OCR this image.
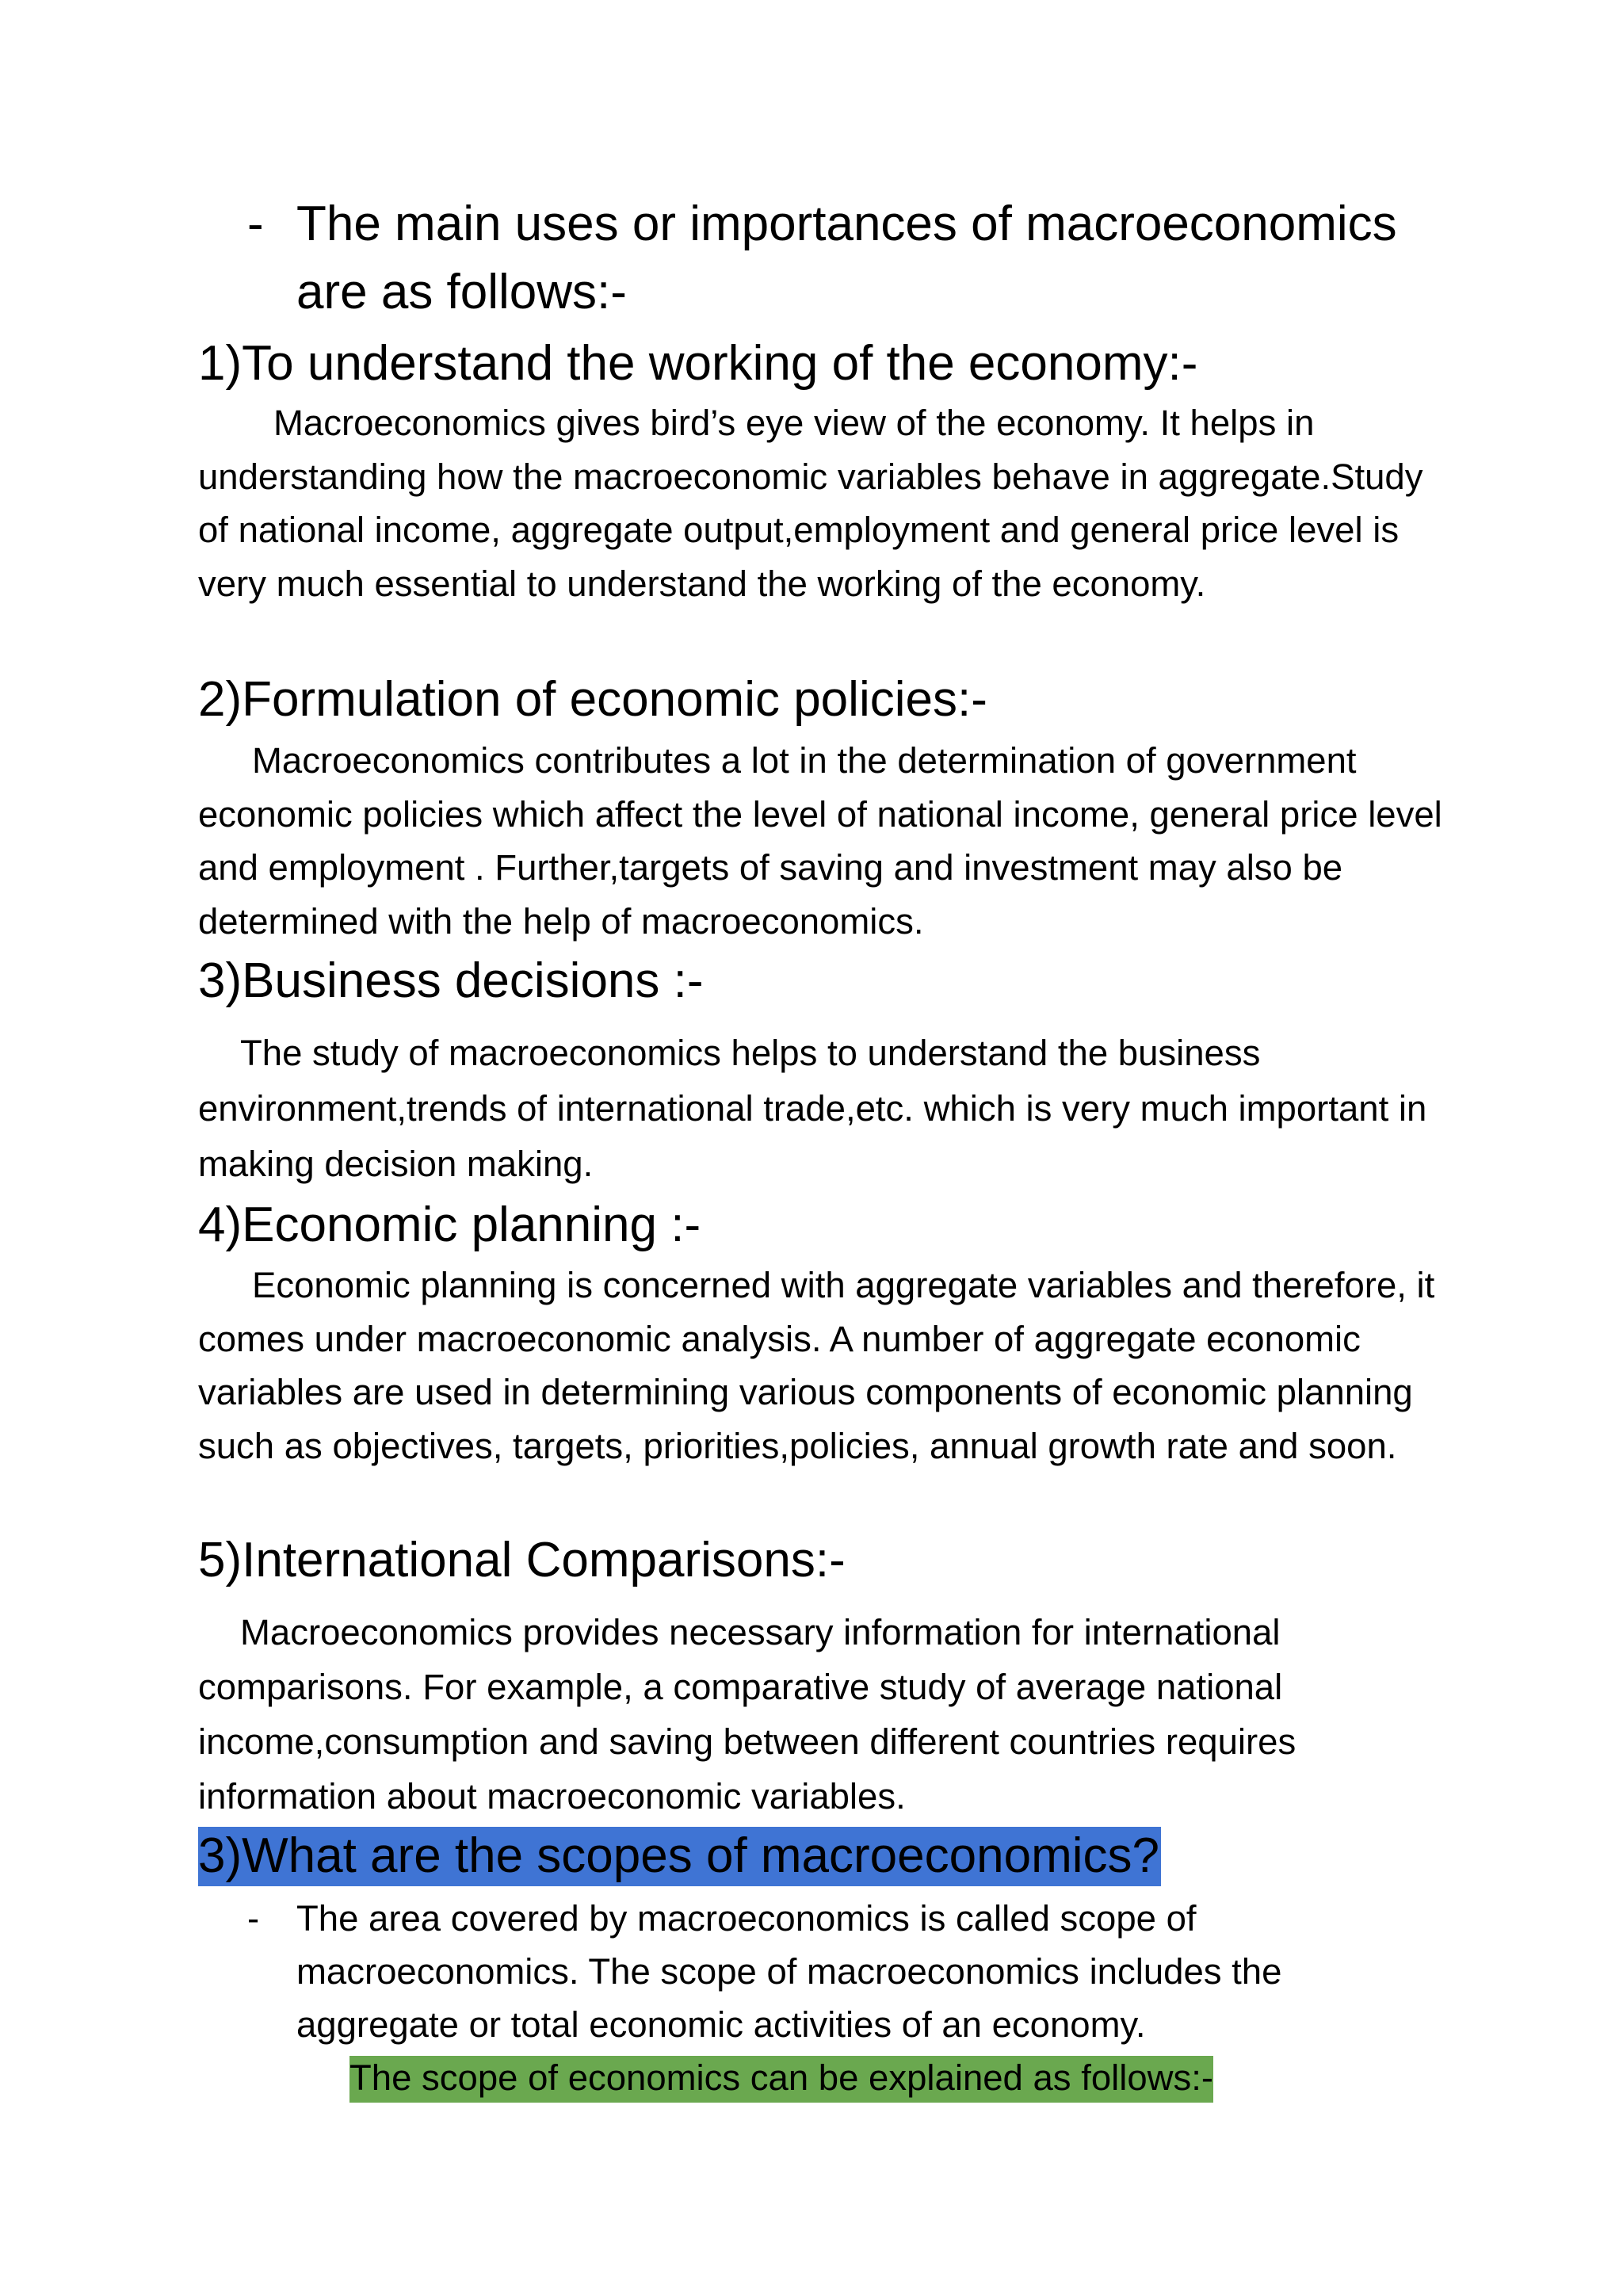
- The main uses or importances of macroeconomics
are as follows:-
1)To understand the working of the economy:-
Macroeconomics gives bird’s eye view of the economy. It helps in understanding how the macroeconomic variables behave in aggregate.Study of national income, aggregate output,employment and general price level is very much essential to understand the working of the economy.
2)Formulation of economic policies:-
Macroeconomics contributes a lot in the determination of government economic policies which affect the level of national income, general price level and employment . Further,targets of saving and investment may also be determined with the help of macroeconomics.
3)Business decisions :-
The study of macroeconomics helps to understand the business environment,trends of international trade,etc. which is very much important in making decision making.
4)Economic planning :-
Economic planning is concerned with aggregate variables and therefore, it comes under macroeconomic analysis. A number of aggregate economic variables are used in determining various components of economic planning such as objectives, targets, priorities,policies, annual growth rate and soon.
5)International Comparisons:-
Macroeconomics provides necessary information for international comparisons. For example, a comparative study of average national income,consumption and saving between different countries requires information about macroeconomic variables.
3)What are the scopes of macroeconomics?
-	The area covered by macroeconomics is called scope of macroeconomics. The scope of macroeconomics includes the aggregate or total economic activities of an economy.
The scope of economics can be explained as follows:-
